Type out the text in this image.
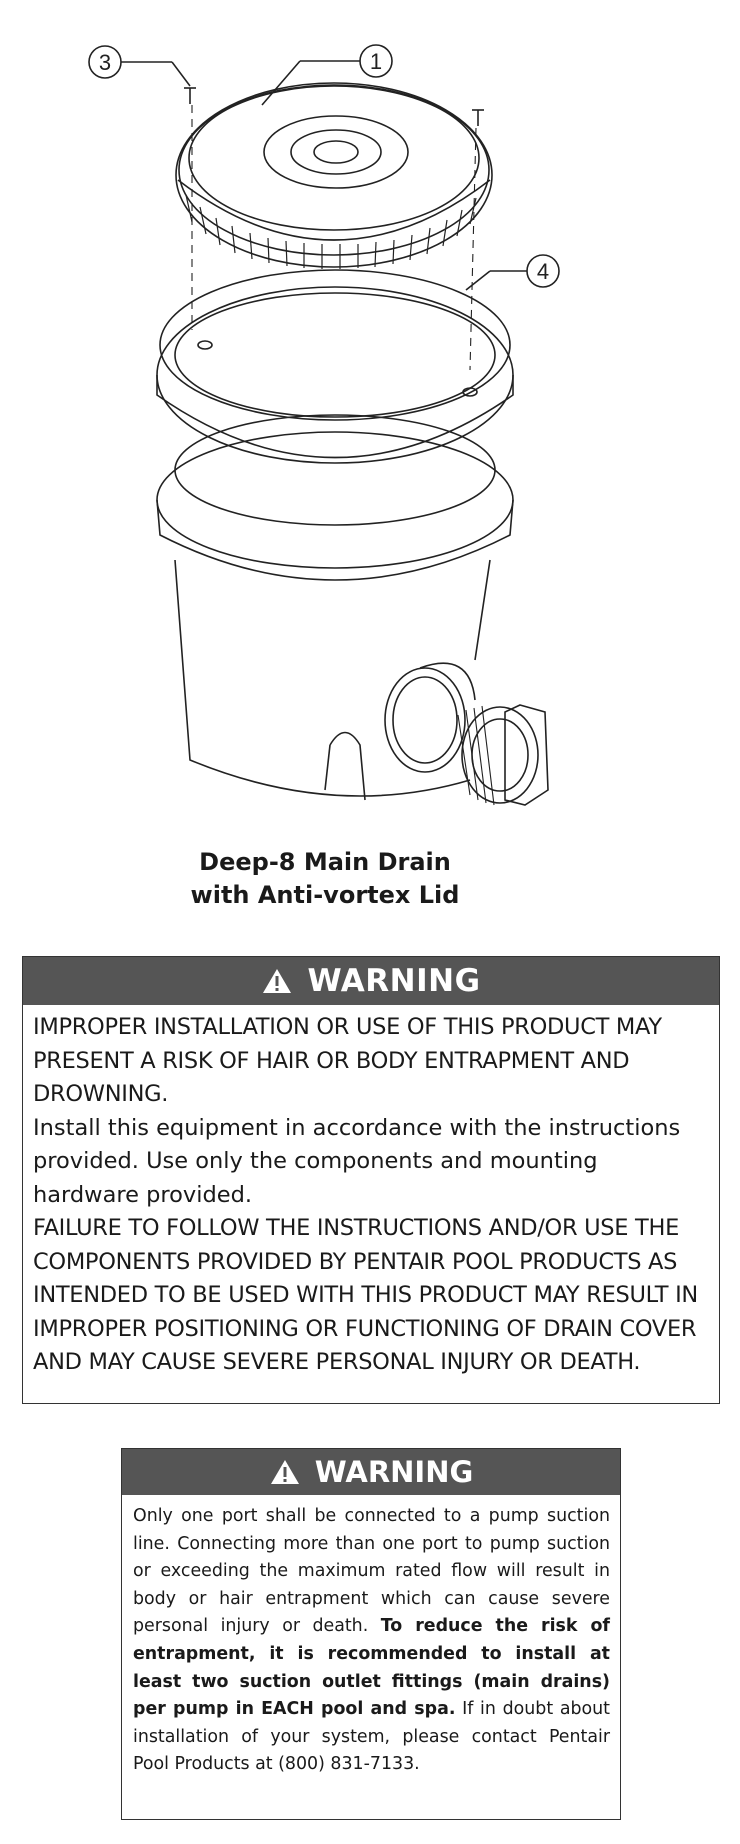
3	1
4
Deep-8 Main Drain
with Anti-vortex Lid
WARNING
IMPROPER INSTALLATION OR USE OF THIS PRODUCT MAY PRESENT A RISK OF HAIR OR BODY ENTRAPMENT AND DROWNING.
Install this equipment in accordance with the instructions provided. Use only the components and mounting hardware provided.
FAILURE TO FOLLOW THE INSTRUCTIONS AND/OR USE THE COMPONENTS PROVIDED BY PENTAIR POOL PRODUCTS AS INTENDED TO BE USED WITH THIS PRODUCT MAY RESULT IN IMPROPER POSITIONING OR FUNCTIONING OF DRAIN COVER AND MAY CAUSE SEVERE PERSONAL INJURY OR DEATH.
WARNING
Only one port shall be connected to a pump suction line. Connecting more than one port to pump suction or exceeding the maximum rated flow will result in body or hair entrapment which can cause severe personal injury or death. To reduce the risk of entrapment, it is recommended to install at least two suction outlet fittings (main drains) per pump in EACH pool and spa. If in doubt about installation of your system, please contact Pentair Pool Products at (800) 831-7133.
